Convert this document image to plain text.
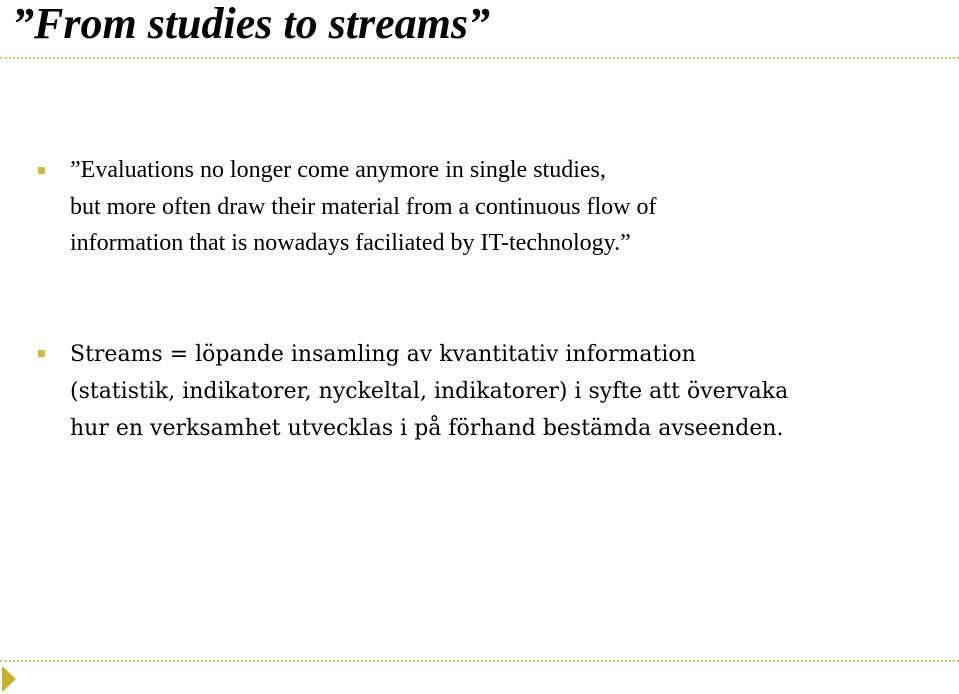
”From studies to streams”

”Evaluations no longer come anymore in single studies,
but more often draw their material from a continuous flow of
information that is nowadays faciliated by IT-technology.”

Streams = löpande insamling av kvantitativ information
(statistik, indikatorer, nyckeltal, indikatorer) i syfte att övervaka
hur en verksamhet utvecklas i på förhand bestämda avseenden.
